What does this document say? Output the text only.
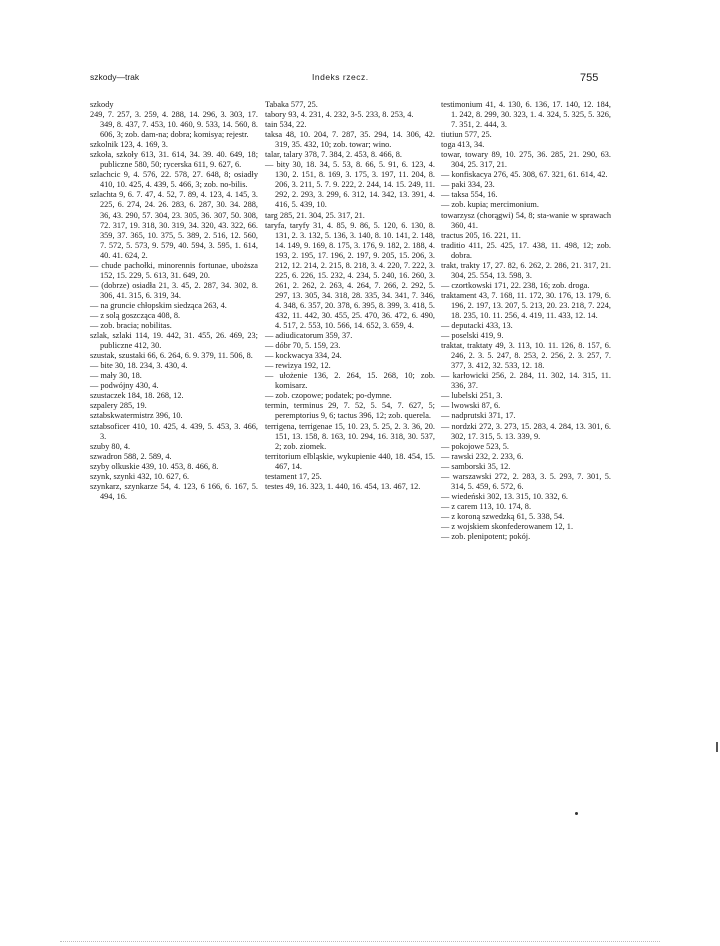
szkody—trak	Indeks rzecz.	755

szkody

249, 7. 257, 3. 259, 4. 288, 14. 296, 3. 303, 17. 349, 8. 437, 7. 453, 10. 460, 9. 533, 14. 560, 8. 606, 3; zob. dam-na; dobra; komisya; rejestr.

szkolnik 123, 4. 169, 3.

szkoła, szkoły 613, 31. 614, 34. 39. 40. 649, 18; publiczne 580, 50; rycerska 611, 9. 627, 6.

szlachcic 9, 4. 576, 22. 578, 27. 648, 8; osiadły 410, 10. 425, 4. 439, 5. 466, 3; zob. no-bilis.

szlachta 9, 6. 7. 47, 4. 52, 7. 89, 4. 123, 4. 145, 3. 225, 6. 274, 24. 26. 283, 6. 287, 30. 34. 288, 36, 43. 290, 57. 304, 23. 305, 36. 307, 50. 308, 72. 317, 19. 318, 30. 319, 34. 320, 43. 322, 66. 359, 37. 365, 10. 375, 5. 389, 2. 516, 12. 560, 7. 572, 5. 573, 9. 579, 40. 594, 3. 595, 1. 614, 40. 41. 624, 2.

— chude pachołki, minorennis fortunae, uboższa 152, 15. 229, 5. 613, 31. 649, 20.

— (dobrze) osiadła 21, 3. 45, 2. 287, 34. 302, 8. 306, 41. 315, 6. 319, 34.

— na gruncie chłopskim siedząca 263, 4.

— z solą goszcząca 408, 8.

— zob. bracia; nobilitas.

szlak, szlaki 114, 19. 442, 31. 455, 26. 469, 23; publiczne 412, 30.

szustak, szustaki 66, 6. 264, 6. 9. 379, 11. 506, 8.

— bite 30, 18. 234, 3. 430, 4.

— mały 30, 18.

— podwójny 430, 4.

szustaczek 184, 18. 268, 12.

szpalery 285, 19.

sztabskwatermistrz 396, 10.

sztabsoficer 410, 10. 425, 4. 439, 5. 453, 3. 466, 3.

szuby 80, 4.

szwadron 588, 2. 589, 4.

szyby olkuskie 439, 10. 453, 8. 466, 8.

szynk, szynki 432, 10. 627, 6.

szynkarz, szynkarze 54, 4. 123, 6 166, 6. 167, 5. 494, 16.

Tabaka 577, 25.

tabory 93, 4. 231, 4. 232, 3-5. 233, 8. 253, 4.

tain 534, 22.

taksa 48, 10. 204, 7. 287, 35. 294, 14. 306, 42. 319, 35. 432, 10; zob. towar; wino.

talar, talary 378, 7. 384, 2. 453, 8. 466, 8.

— bity 30, 18. 34, 5. 53, 8. 66, 5. 91, 6. 123, 4. 130, 2. 151, 8. 169, 3. 175, 3. 197, 11. 204, 8. 206, 3. 211, 5. 7. 9. 222, 2. 244, 14. 15. 249, 11. 292, 2. 293, 3. 299, 6. 312, 14. 342, 13. 391, 4. 416, 5. 439, 10.

targ 285, 21. 304, 25. 317, 21.

taryfa, taryfy 31, 4. 85, 9. 86, 5. 120, 6. 130, 8. 131, 2. 3. 132, 5. 136, 3. 140, 8. 10. 141, 2. 148, 14. 149, 9. 169, 8. 175, 3. 176, 9. 182, 2. 188, 4. 193, 2. 195, 17. 196, 2. 197, 9. 205, 15. 206, 3. 212, 12. 214, 2. 215, 8. 218, 3. 4. 220, 7. 222, 3. 225, 6. 226, 15. 232, 4. 234, 5. 240, 16. 260, 3. 261, 2. 262, 2. 263, 4. 264, 7. 266, 2. 292, 5. 297, 13. 305, 34. 318, 28. 335, 34. 341, 7. 346, 4. 348, 6. 357, 20. 378, 6. 395, 8. 399, 3. 418, 5. 432, 11. 442, 30. 455, 25. 470, 36. 472, 6. 490, 4. 517, 2. 553, 10. 566, 14. 652, 3. 659, 4.

— adiudicatorum 359, 37.

— dóbr 70, 5. 159, 23.

— kockwacya 334, 24.

— rewizya 192, 12.

— ułożenie 136, 2. 264, 15. 268, 10; zob. komisarz.

— zob. czopowe; podatek; po-dymne.

termin, terminus 29, 7. 52, 5. 54, 7. 627, 5; peremptorius 9, 6; tactus 396, 12; zob. querela.

terrigena, terrigenae 15, 10. 23, 5. 25, 2. 3. 36, 20. 151, 13. 158, 8. 163, 10. 294, 16. 318, 30. 537, 2; zob. ziomek.

territorium elbląskie, wykupienie 440, 18. 454, 15. 467, 14.

testament 17, 25.

testes 49, 16. 323, 1. 440, 16. 454, 13. 467, 12.

testimonium 41, 4. 130, 6. 136, 17. 140, 12. 184, 1. 242, 8. 299, 30. 323, 1. 4. 324, 5. 325, 5. 326, 7. 351, 2. 444, 3.

tiutiun 577, 25.

toga 413, 34.

towar, towary 89, 10. 275, 36. 285, 21. 290, 63. 304, 25. 317, 21.

— konfiskacya 276, 45. 308, 67. 321, 61. 614, 42.

— paki 334, 23.

— taksa 554, 16.

— zob. kupia; mercimonium.

towarzysz (chorągwi) 54, 8; sta-wanie w sprawach 360, 41.

tractus 205, 16. 221, 11.

traditio 411, 25. 425, 17. 438, 11. 498, 12; zob. dobra.

trakt, trakty 17, 27. 82, 6. 262, 2. 286, 21. 317, 21. 304, 25. 554, 13. 598, 3.

— czortkowski 171, 22. 238, 16; zob. droga.

traktament 43, 7. 168, 11. 172, 30. 176, 13. 179, 6. 196, 2. 197, 13. 207, 5. 213, 20. 23. 218, 7. 224, 18. 235, 10. 11. 256, 4. 419, 11. 433, 12. 14.

— deputacki 433, 13.

— poselski 419, 9.

traktat, traktaty 49, 3. 113, 10. 11. 126, 8. 157, 6. 246, 2. 3. 5. 247, 8. 253, 2. 256, 2. 3. 257, 7. 377, 3. 412, 32. 533, 12. 18.

— karłowicki 256, 2. 284, 11. 302, 14. 315, 11. 336, 37.

— lubelski 251, 3.

— lwowski 87, 6.

— nadprutski 371, 17.

— nordzki 272, 3. 273, 15. 283, 4. 284, 13. 301, 6. 302, 17. 315, 5. 13. 339, 9.

— pokojowe 523, 5.

— rawski 232, 2. 233, 6.

— samborski 35, 12.

— warszawski 272, 2. 283, 3. 5. 293, 7. 301, 5. 314, 5. 459, 6. 572, 6.

— wiedeński 302, 13. 315, 10. 332, 6.

— z carem 113, 10. 174, 8.

— z koroną szwedzką 61, 5. 338, 54.

— z wojskiem skonfederowanem 12, 1.

— zob. plenipotent; pokój.
